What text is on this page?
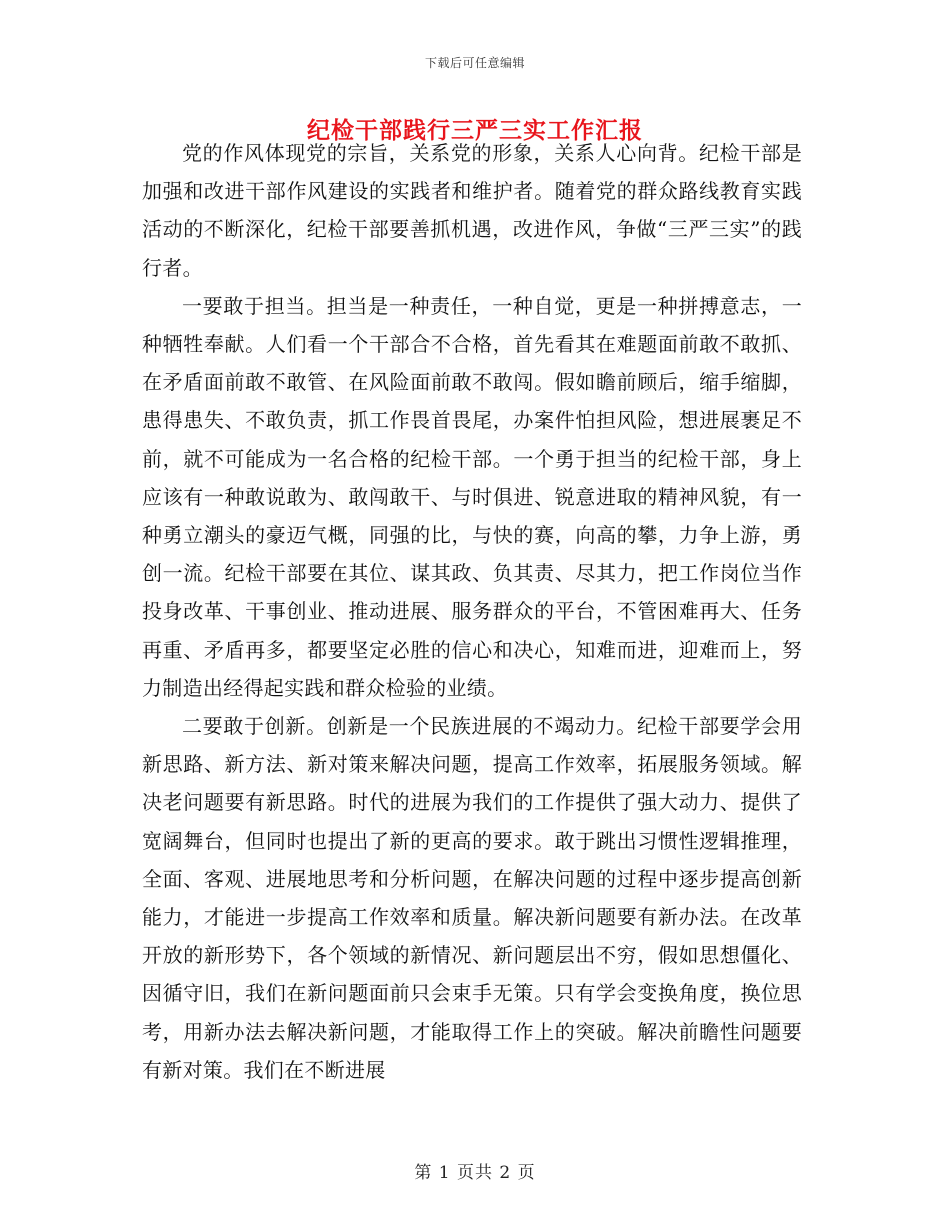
下载后可任意编辑
纪检干部践行三严三实工作汇报

党的作风体现党的宗旨，关系党的形象，关系人心向背。纪检干部是加强和改进干部作风建设的实践者和维护者。随着党的群众路线教育实践活动的不断深化，纪检干部要善抓机遇，改进作风，争做“三严三实”的践行者。

一要敢于担当。担当是一种责任，一种自觉，更是一种拼搏意志，一种牺牲奉献。人们看一个干部合不合格，首先看其在难题面前敢不敢抓、在矛盾面前敢不敢管、在风险面前敢不敢闯。假如瞻前顾后，缩手缩脚，患得患失、不敢负责，抓工作畏首畏尾，办案件怕担风险，想进展裹足不前，就不可能成为一名合格的纪检干部。一个勇于担当的纪检干部，身上应该有一种敢说敢为、敢闯敢干、与时俱进、锐意进取的精神风貌，有一种勇立潮头的豪迈气概，同强的比，与快的赛，向高的攀，力争上游，勇创一流。纪检干部要在其位、谋其政、负其责、尽其力，把工作岗位当作投身改革、干事创业、推动进展、服务群众的平台，不管困难再大、任务再重、矛盾再多，都要坚定必胜的信心和决心，知难而进，迎难而上，努力制造出经得起实践和群众检验的业绩。

二要敢于创新。创新是一个民族进展的不竭动力。纪检干部要学会用新思路、新方法、新对策来解决问题，提高工作效率，拓展服务领域。解决老问题要有新思路。时代的进展为我们的工作提供了强大动力、提供了宽阔舞台，但同时也提出了新的更高的要求。敢于跳出习惯性逻辑推理，全面、客观、进展地思考和分析问题，在解决问题的过程中逐步提高创新能力，才能进一步提高工作效率和质量。解决新问题要有新办法。在改革开放的新形势下，各个领域的新情况、新问题层出不穷，假如思想僵化、因循守旧，我们在新问题面前只会束手无策。只有学会变换角度，换位思考，用新办法去解决新问题，才能取得工作上的突破。解决前瞻性问题要有新对策。我们在不断进展

第 1 页共 2 页
